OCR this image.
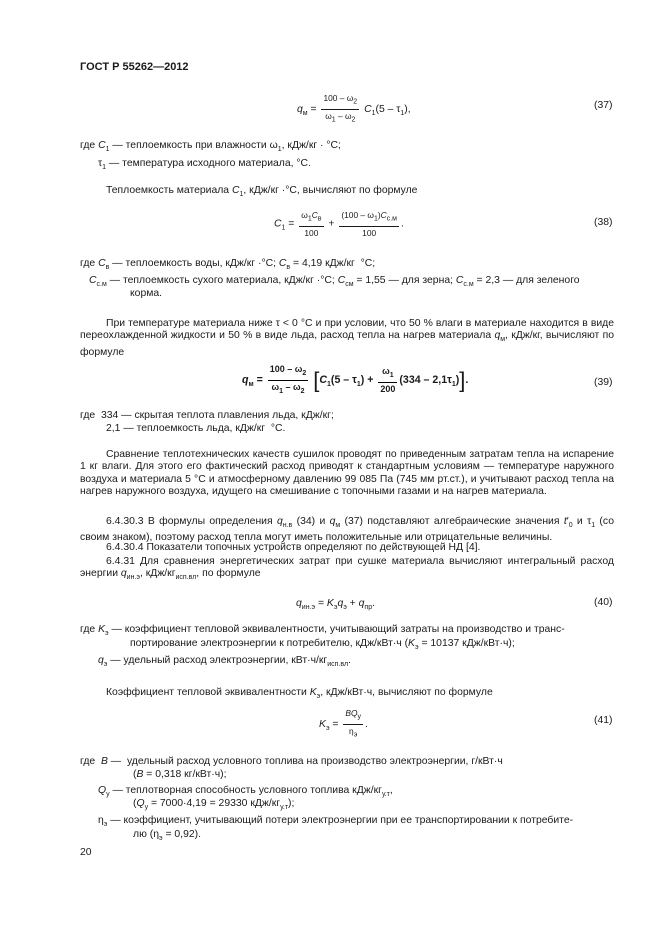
ГОСТ Р 55262—2012
$q_м = \frac{100 - \omega_2}{\omega_1 - \omega_2} C_1(5 - \tau_1)$,	(37)
где $C_1$ — теплоемкость при влажности $\omega_1$, кДж/кг · °С;
$\tau_1$ — температура исходного материала, °С.
Теплоемкость материала $C_1$, кДж/кг ·°С, вычисляют по формуле
$C_1 = \frac{\omega_1C_в}{100} + \frac{(100 - \omega_1)C_{с.м}}{100}$ .	(38)
где $C_в$ — теплоемкость воды, кДж/кг ·°С; $C_в = 4,19$ кДж/кг  °С;
$C_{с.м}$ — теплоемкость сухого материала, кДж/кг ·°С; $C_{см} = 1,55$ — для зерна; $C_{с.м} = 2,3$ — для зеленого
корма.
При температуре материала ниже τ < 0 °С и при условии, что 50 % влаги в материале находится в виде переохлажденной жидкости и 50 % в виде льда, расход тепла на нагрев материала $q_м$, кДж/кг, вычисляют по формуле
$q_м = \frac{100 - \omega_2}{\omega_1 - \omega_2} [C_1(5 - \tau_1) + \frac{\omega_1}{200} (334 - 2,1\tau_1)]$.	(39)
где  334 — скрытая теплота плавления льда, кДж/кг;
2,1 — теплоемкость льда, кДж/кг  °С.
Сравнение теплотехнических качеств сушилок проводят по приведенным затратам тепла на испарение 1 кг влаги. Для этого его фактический расход приводят к стандартным условиям — температуре наружного воздуха и материала 5 °С и атмосферному давлению 99 085 Па (745 мм рт.ст.), и учитывают расход тепла на нагрев наружного воздуха, идущего на смешивание с топочными газами и на нагрев материала.
6.4.30.3 В формулы определения $q_{н.в}$ (34) и $q_м$ (37) подставляют алгебраические значения $t'_0$ и $\tau_1$ (со своим знаком), поэтому расход тепла могут иметь положительные или отрицательные величины.
6.4.30.4 Показатели топочных устройств определяют по действующей НД [4].
6.4.31 Для сравнения энергетических затрат при сушке материала вычисляют интегральный расход энергии $q_{ин.э}$, кДж/$кг_{исп.вл}$, по формуле
$q_{ин.э} = K_эq_э + q_{пр}$.	(40)
где $K_э$ — коэффициент тепловой эквивалентности, учитывающий затраты на производство и транс-
портирование электроэнергии к потребителю, кДж/кВт·ч ($K_э = 10137$ кДж/кВт·ч);
$q_э$ — удельный расход электроэнергии, $кВт\cdot ч/кг_{исп.вл}$.
Коэффициент тепловой эквивалентности $K_э$, кДж/кВт·ч, вычисляют по формуле
$K_э = \frac{BQ_у}{\eta_э}$ .	(41)
где  B —  удельный расход условного топлива на производство электроэнергии, г/кВт·ч
(B = 0,318 кг/кВт·ч);
$Q_у$ — теплотворная способность условного топлива кДж/$кг_{у.т}$,
($Q_у = 7000\cdot 4,19 = 29330$ кДж/$кг_{у.т}$);
$\eta_э$ — коэффициент, учитывающий потери электроэнергии при ее транспортировании к потребите-
лю $(\eta_э = 0,92)$.
20
